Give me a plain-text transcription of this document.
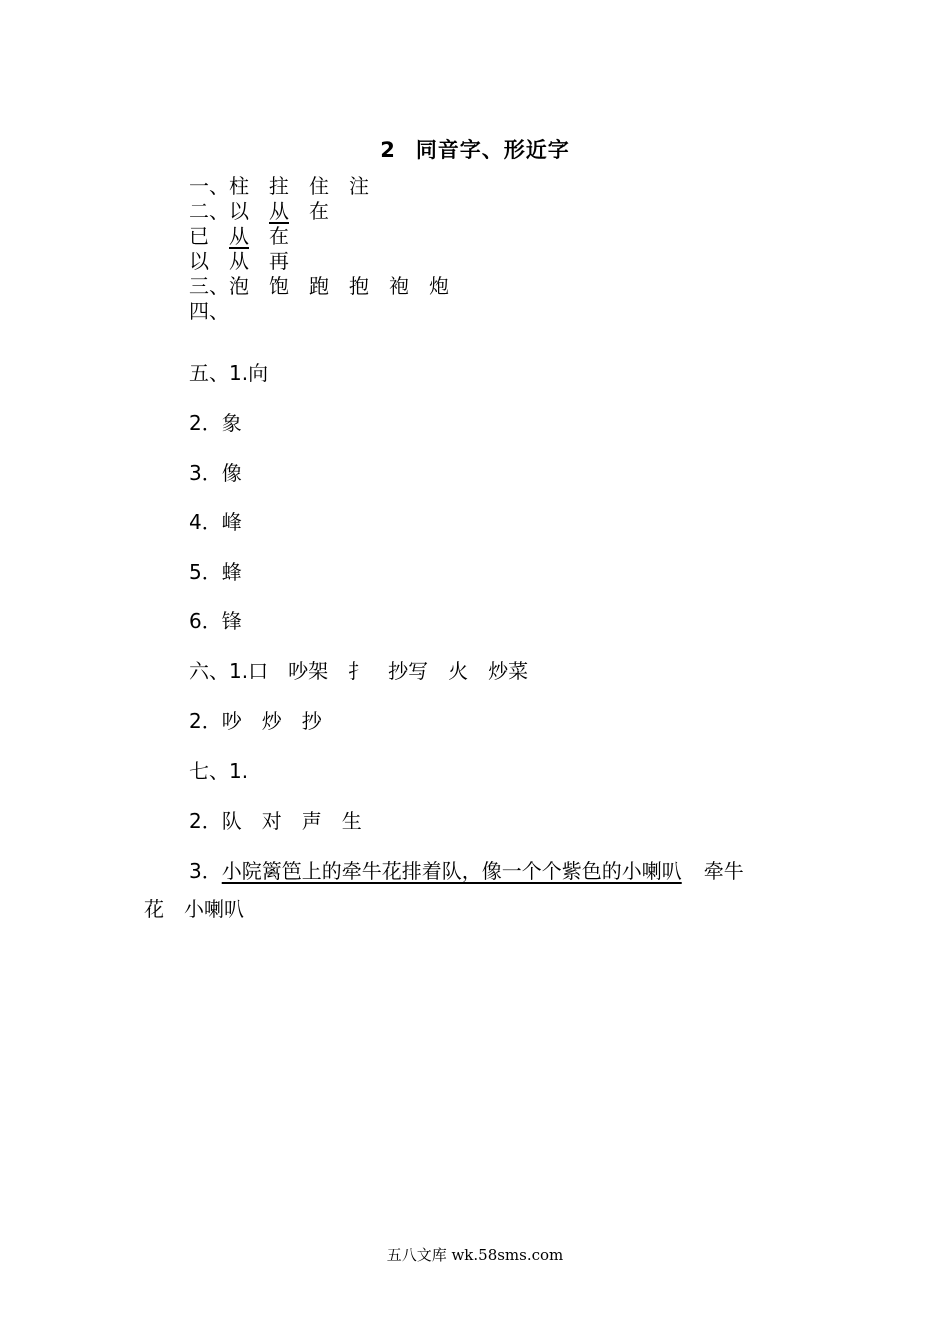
2 同音字、形近字
一、柱 拄 住 注
二、以 从 在
已 从 在
以 从 再
三、泡 饱 跑 抱 袍 炮
四、
五、1.向
2．象
3．像
4．峰
5．蜂
6．锋
六、1.口 吵架 扌 抄写 火 炒菜
2．吵 炒 抄
七、1.
2．队 对 声 生
3．小院篱笆上的牵牛花排着队，像一个个紫色的小喇叭 牵牛
花 小喇叭
五八文库 wk.58sms.com
